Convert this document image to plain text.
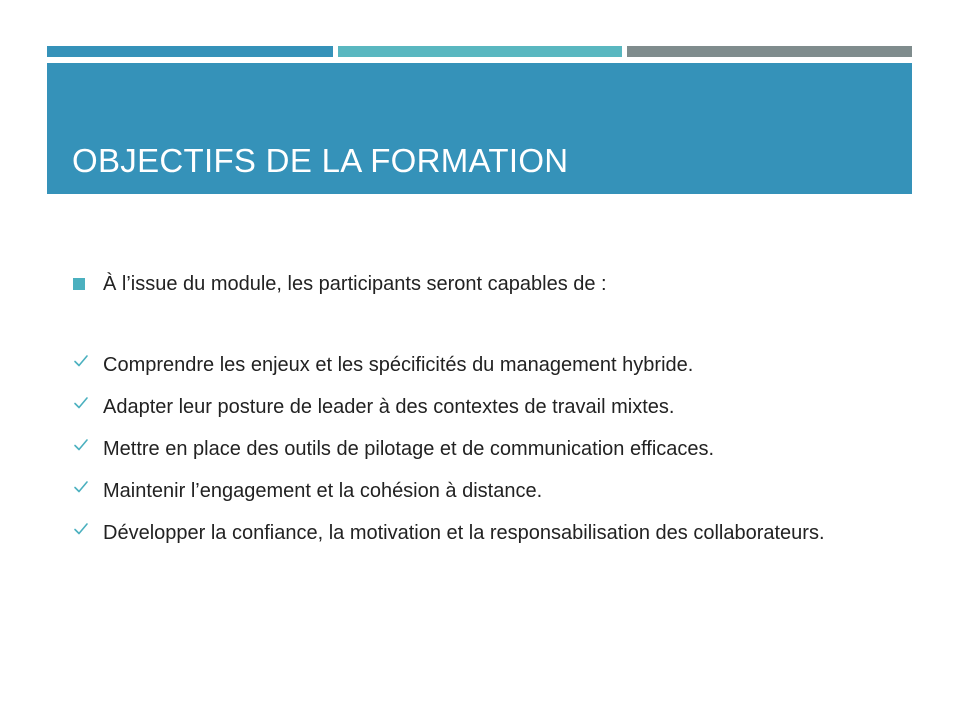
OBJECTIFS DE LA FORMATION
À l’issue du module, les participants seront capables de :
Comprendre les enjeux et les spécificités du management hybride.
Adapter leur posture de leader à des contextes de travail mixtes.
Mettre en place des outils de pilotage et de communication efficaces.
Maintenir l’engagement et la cohésion à distance.
Développer la confiance, la motivation et la responsabilisation des collaborateurs.
